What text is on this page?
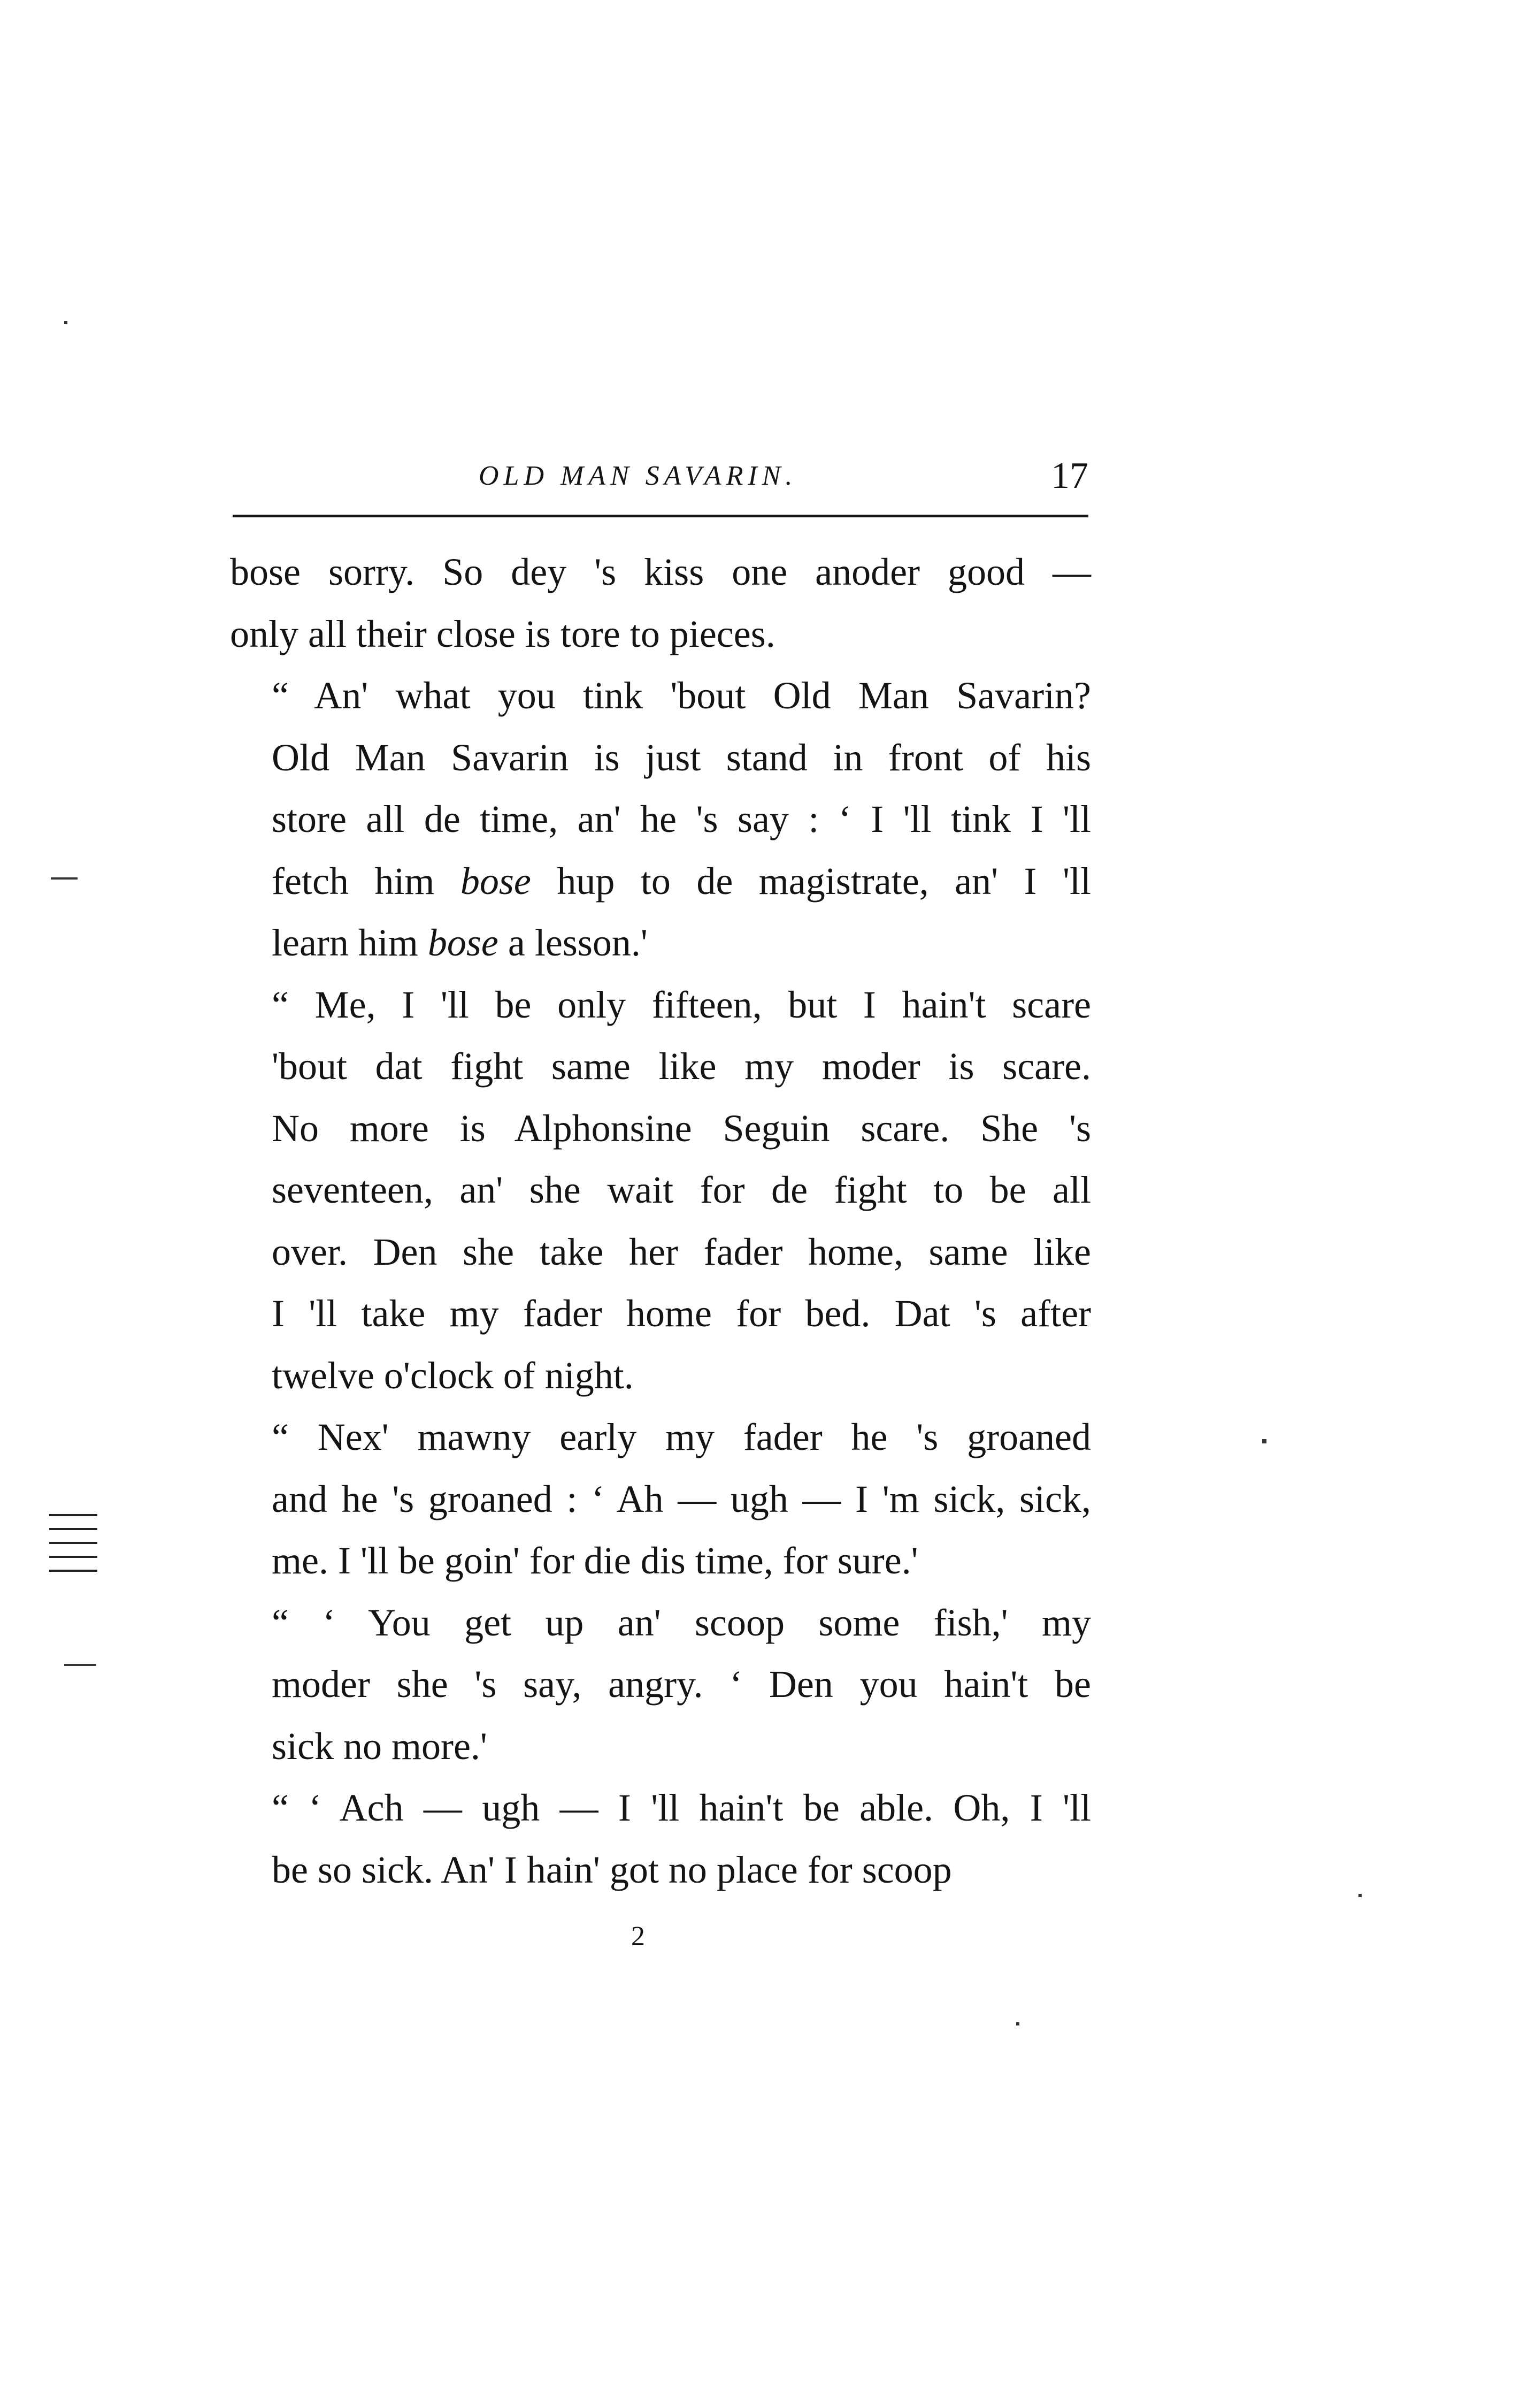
OLD MAN SAVARIN.	17

bose sorry. So dey 's kiss one anoder good —
only all their close is tore to pieces.

“ An' what you tink 'bout Old Man Savarin?
Old Man Savarin is just stand in front of his
store all de time, an' he 's say : ‘ I 'll tink I 'll
fetch him bose hup to de magistrate, an' I 'll
learn him bose a lesson.'

“ Me, I 'll be only fifteen, but I hain't scare
'bout dat fight same like my moder is scare.
No more is Alphonsine Seguin scare. She 's
seventeen, an' she wait for de fight to be all
over. Den she take her fader home, same like
I 'll take my fader home for bed. Dat 's after
twelve o'clock of night.

“ Nex' mawny early my fader he 's groaned
and he 's groaned : ‘ Ah — ugh — I 'm sick, sick,
me. I 'll be goin' for die dis time, for sure.'

“ ‘ You get up an' scoop some fish,' my
moder she 's say, angry. ‘ Den you hain't be
sick no more.'

“ ‘ Ach — ugh — I 'll hain't be able. Oh, I 'll
be so sick. An' I hain' got no place for scoop

2
